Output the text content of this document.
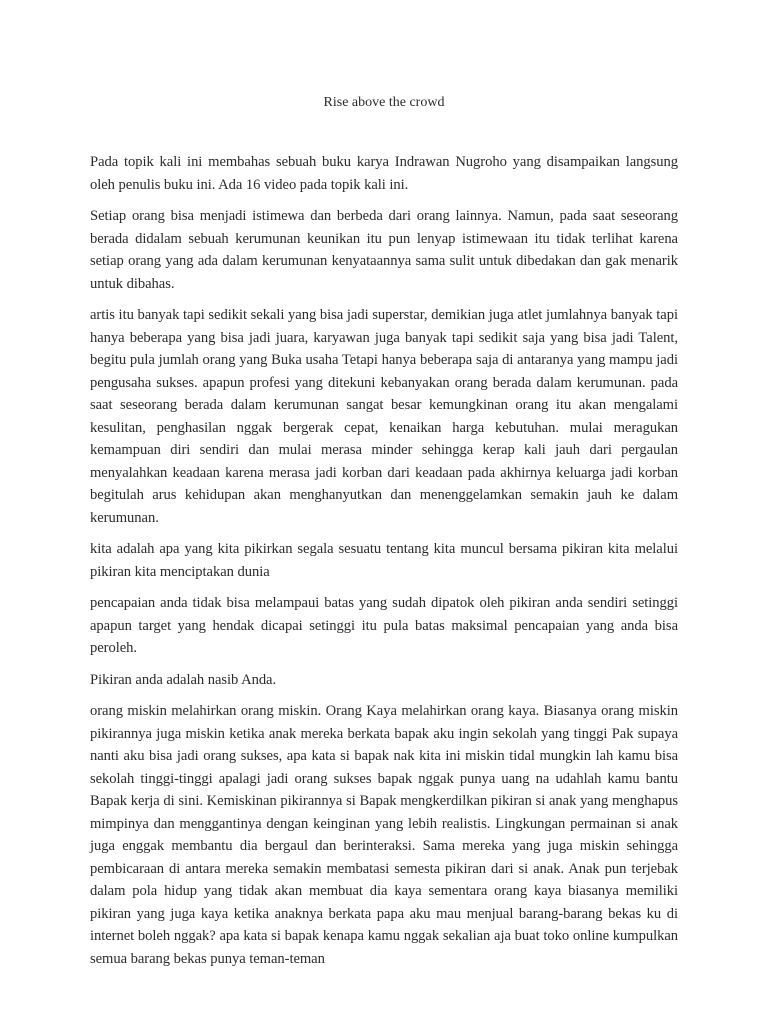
Rise above the crowd

Pada topik kali ini membahas sebuah buku karya Indrawan Nugroho yang disampaikan langsung oleh penulis buku ini. Ada 16 video pada topik kali ini.

Setiap orang bisa menjadi istimewa dan berbeda dari orang lainnya. Namun, pada saat seseorang berada didalam sebuah kerumunan keunikan itu pun lenyap istimewaan itu tidak terlihat karena setiap orang yang ada dalam kerumunan kenyataannya sama sulit untuk dibedakan dan gak menarik untuk dibahas.

artis itu banyak tapi sedikit sekali yang bisa jadi superstar, demikian juga atlet jumlahnya banyak tapi hanya beberapa yang bisa jadi juara, karyawan juga banyak tapi sedikit saja yang bisa jadi Talent, begitu pula jumlah orang yang Buka usaha Tetapi hanya beberapa saja di antaranya yang mampu jadi pengusaha sukses. apapun profesi yang ditekuni kebanyakan orang berada dalam kerumunan. pada saat seseorang berada dalam kerumunan sangat besar kemungkinan orang itu akan mengalami kesulitan, penghasilan nggak bergerak cepat, kenaikan harga kebutuhan. mulai meragukan kemampuan diri sendiri dan mulai merasa minder sehingga kerap kali jauh dari pergaulan menyalahkan keadaan karena merasa jadi korban dari keadaan pada akhirnya keluarga jadi korban begitulah arus kehidupan akan menghanyutkan dan menenggelamkan semakin jauh ke dalam kerumunan.

kita adalah apa yang kita pikirkan segala sesuatu tentang kita muncul bersama pikiran kita melalui pikiran kita menciptakan dunia

pencapaian anda tidak bisa melampaui batas yang sudah dipatok oleh pikiran anda sendiri setinggi apapun target yang hendak dicapai setinggi itu pula batas maksimal pencapaian yang anda bisa peroleh.

Pikiran anda adalah nasib Anda.

orang miskin melahirkan orang miskin. Orang Kaya melahirkan orang kaya. Biasanya orang miskin pikirannya juga miskin ketika anak mereka berkata bapak aku ingin sekolah yang tinggi Pak supaya nanti aku bisa jadi orang sukses, apa kata si bapak nak kita ini miskin tidal mungkin lah kamu bisa sekolah tinggi-tinggi apalagi jadi orang sukses bapak nggak punya uang na udahlah kamu bantu Bapak kerja di sini. Kemiskinan pikirannya si Bapak mengkerdilkan pikiran si anak yang menghapus mimpinya dan menggantinya dengan keinginan yang lebih realistis. Lingkungan permainan si anak juga enggak membantu dia bergaul dan berinteraksi. Sama mereka yang juga miskin sehingga pembicaraan di antara mereka semakin membatasi semesta pikiran dari si anak. Anak pun terjebak dalam pola hidup yang tidak akan membuat dia kaya sementara orang kaya biasanya memiliki pikiran yang juga kaya ketika anaknya berkata papa aku mau menjual barang-barang bekas ku di internet boleh nggak? apa kata si bapak kenapa kamu nggak sekalian aja buat toko online kumpulkan semua barang bekas punya teman-teman
